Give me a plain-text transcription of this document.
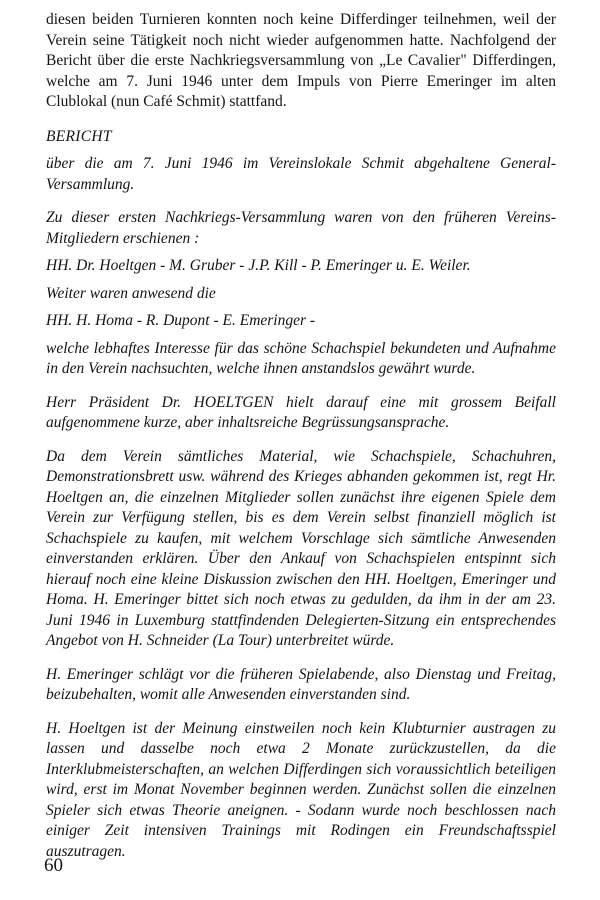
diesen beiden Turnieren konnten noch keine Differdinger teilnehmen, weil der Verein seine Tätigkeit noch nicht wieder aufgenommen hatte. Nachfolgend der Bericht über die erste Nachkriegsversammlung von „Le Cavalier" Differdingen, welche am 7. Juni 1946 unter dem Impuls von Pierre Emeringer im alten Clublokal (nun Café Schmit) stattfand.

BERICHT

über die am 7. Juni 1946 im Vereinslokale Schmit abgehaltene General-Versammlung.

Zu dieser ersten Nachkriegs-Versammlung waren von den früheren Vereins-Mitgliedern erschienen :

HH. Dr. Hoeltgen - M. Gruber - J.P. Kill - P. Emeringer u. E. Weiler.

Weiter waren anwesend die

HH. H. Homa - R. Dupont - E. Emeringer -

welche lebhaftes Interesse für das schöne Schachspiel bekundeten und Aufnahme in den Verein nachsuchten, welche ihnen anstandslos gewährt wurde.

Herr Präsident Dr. HOELTGEN hielt darauf eine mit grossem Beifall aufgenommene kurze, aber inhaltsreiche Begrüssungsansprache.

Da dem Verein sämtliches Material, wie Schachspiele, Schachuhren, Demonstrationsbrett usw. während des Krieges abhanden gekommen ist, regt Hr. Hoeltgen an, die einzelnen Mitglieder sollen zunächst ihre eigenen Spiele dem Verein zur Verfügung stellen, bis es dem Verein selbst finanziell möglich ist Schachspiele zu kaufen, mit welchem Vorschlage sich sämtliche Anwesenden einverstanden erklären. Über den Ankauf von Schachspielen entspinnt sich hierauf noch eine kleine Diskussion zwischen den HH. Hoeltgen, Emeringer und Homa. H. Emeringer bittet sich noch etwas zu gedulden, da ihm in der am 23. Juni 1946 in Luxemburg stattfindenden Delegierten-Sitzung ein entsprechendes Angebot von H. Schneider (La Tour) unterbreitet würde.

H. Emeringer schlägt vor die früheren Spielabende, also Dienstag und Freitag, beizubehalten, womit alle Anwesenden einverstanden sind.

H. Hoeltgen ist der Meinung einstweilen noch kein Klubturnier austragen zu lassen und dasselbe noch etwa 2 Monate zurückzustellen, da die Interklubmeisterschaften, an welchen Differdingen sich voraussichtlich beteiligen wird, erst im Monat November beginnen werden. Zunächst sollen die einzelnen Spieler sich etwas Theorie aneignen. - Sodann wurde noch beschlossen nach einiger Zeit intensiven Trainings mit Rodingen ein Freundschaftsspiel auszutragen.

60
